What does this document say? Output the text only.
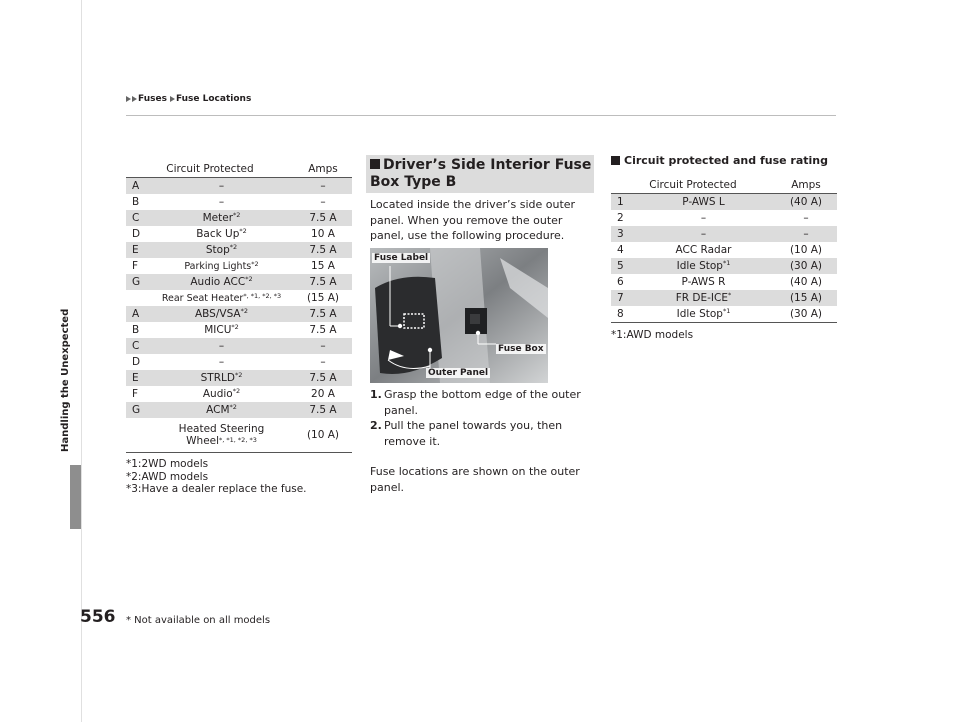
Fuses Fuse Locations
Handling the Unexpected
Circuit Protected		Amps
A	–	–
B	–	–
C	Meter$^{*2}$	7.5 A
D	Back Up$^{*2}$	10 A
E	Stop$^{*2}$	7.5 A
F	Parking Lights$^{*2}$	15 A
G	Audio ACC$^{*2}$	7.5 A
	Rear Seat Heater$^{*, *1, *2, *3}$	(15 A)
A	ABS/VSA$^{*2}$	7.5 A
B	MICU$^{*2}$	7.5 A
C	–	–
D	–	–
E	STRLD$^{*2}$	7.5 A
F	Audio$^{*2}$	20 A
G	ACM$^{*2}$	7.5 A
	Heated Steering
Wheel$^{*, *1, *2, *3}$	(10 A)
*1:2WD models
*2:AWD models
*3:Have a dealer replace the fuse.
Driver’s Side Interior Fuse Box Type B
Located inside the driver’s side outer panel. When you remove the outer panel, use the following procedure.
Fuse Label
Fuse Box
Outer Panel
1. Grasp the bottom edge of the outer panel.
2. Pull the panel towards you, then remove it.
Fuse locations are shown on the outer panel.
Circuit protected and fuse rating
Circuit Protected		Amps
1	P-AWS L	(40 A)
2	–	–
3	–	–
4	ACC Radar	(10 A)
5	Idle Stop$^{*1}$	(30 A)
6	P-AWS R	(40 A)
7	FR DE-ICE*	(15 A)
8	Idle Stop$^{*1}$	(30 A)
*1:AWD models
556 * Not available on all models
